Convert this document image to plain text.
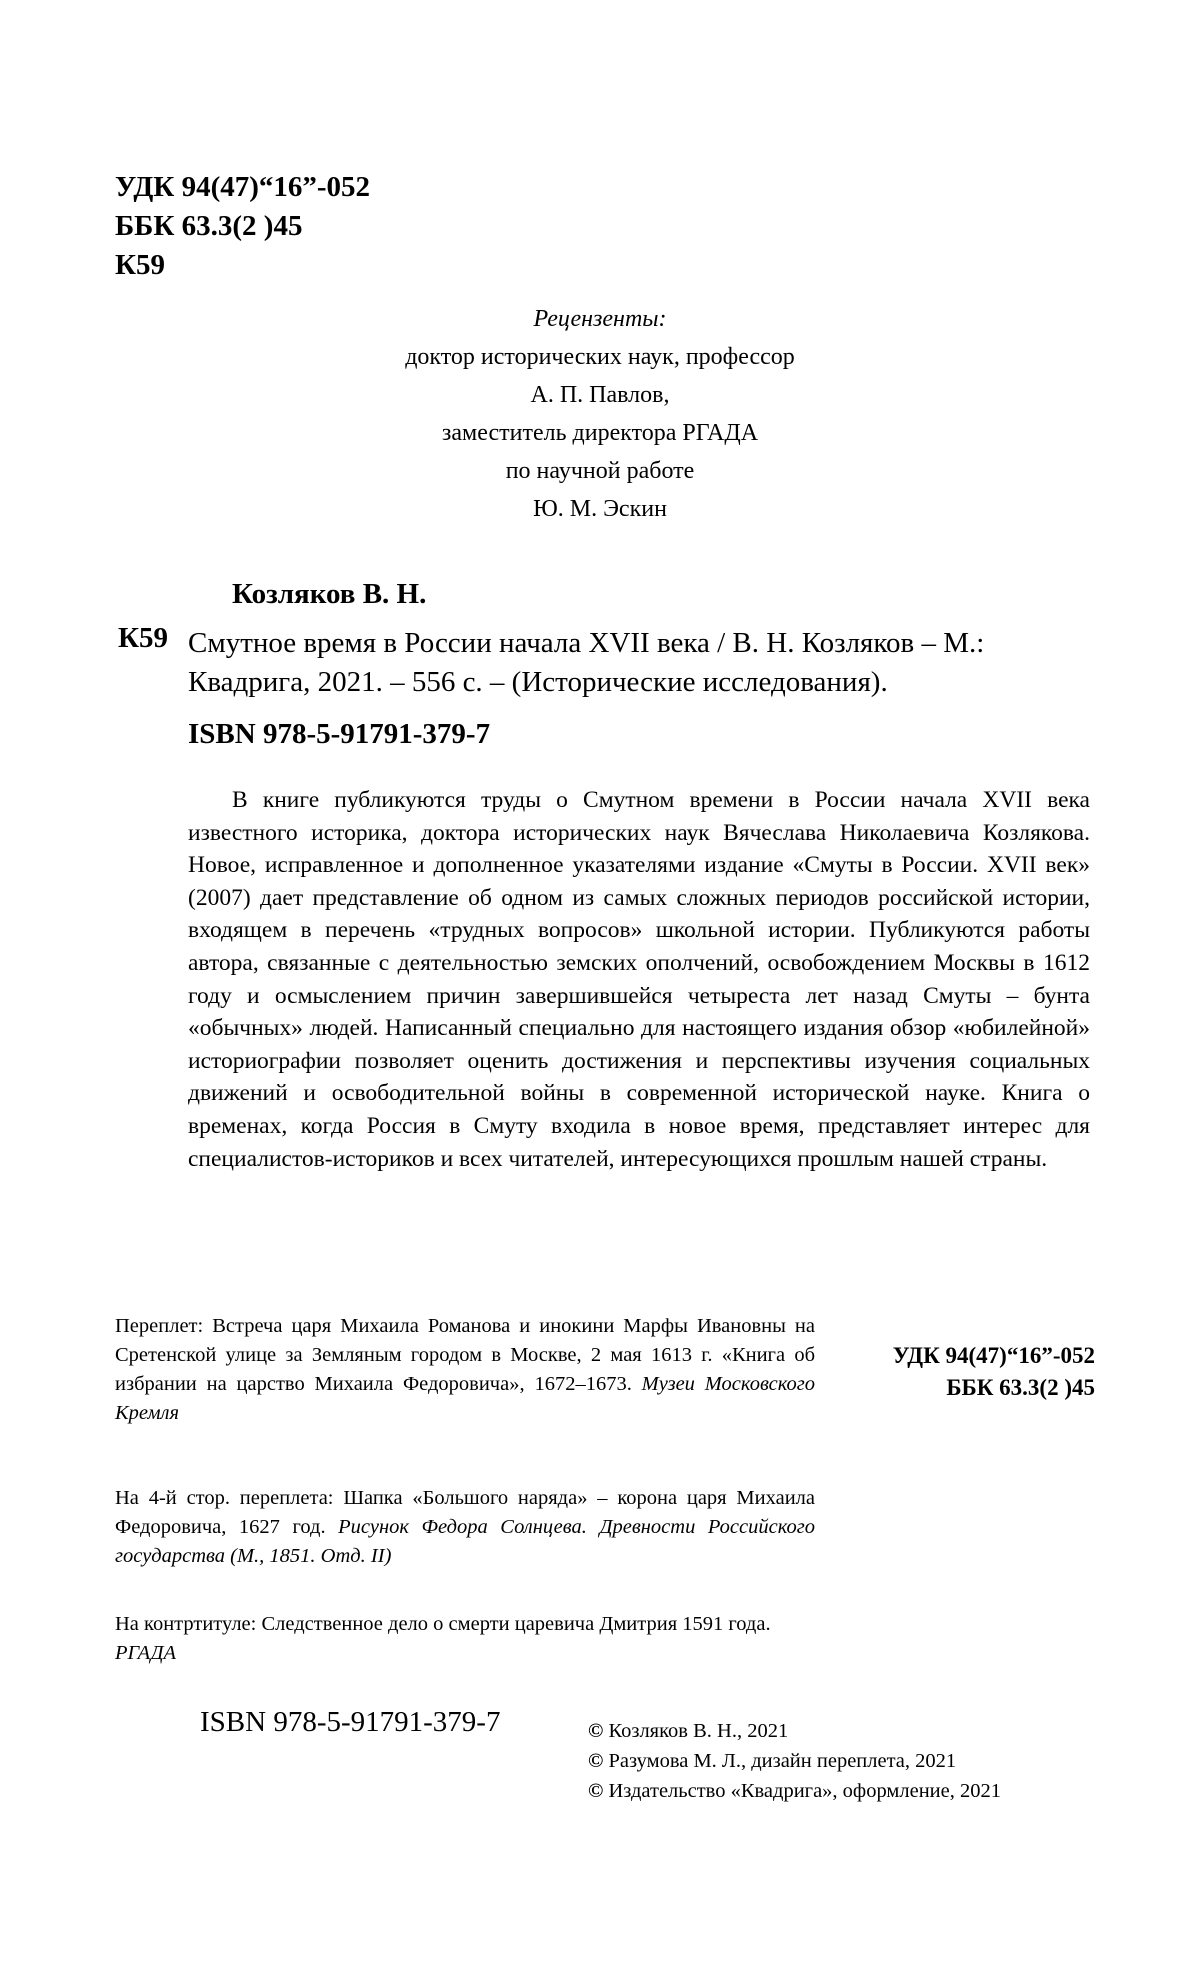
УДК 94(47)“16”-052
ББК 63.3(2 )45
К59
Рецензенты:
доктор исторических наук, профессор
А. П. Павлов,
заместитель директора РГАДА
по научной работе
Ю. М. Эскин
Козляков В. Н.
К59 Смутное время в России начала XVII века / В. Н. Козляков – М.:
Квадрига, 2021. – 556 с. – (Исторические исследования).
ISBN 978-5-91791-379-7
В книге публикуются труды о Смутном времени в России начала XVII века известного историка, доктора исторических наук Вячеслава Николаевича Козлякова. Новое, исправленное и дополненное указателями издание «Смуты в России. XVII век» (2007) дает представление об одном из самых сложных периодов российской истории, входящем в перечень «трудных вопросов» школьной истории. Публикуются работы автора, связанные с деятельностью земских ополчений, освобождением Москвы в 1612 году и осмыслением причин завершившейся четыреста лет назад Смуты – бунта «обычных» людей. Написанный специально для настоящего издания обзор «юбилейной» историографии позволяет оценить достижения и перспективы изучения социальных движений и освободительной войны в современной исторической науке. Книга о временах, когда Россия в Смуту входила в новое время, представляет интерес для специалистов-историков и всех читателей, интересующихся прошлым нашей страны.
Переплет: Встреча царя Михаила Романова и инокини Марфы Ивановны на Сретенской улице за Земляным городом в Москве, 2 мая 1613 г. «Книга об избрании на царство Михаила Федоровича», 1672–1673. Музеи Московского Кремля
УДК 94(47)“16”-052
ББК 63.3(2 )45
На 4-й стор. переплета: Шапка «Большого наряда» – корона царя Михаила Федоровича, 1627 год. Рисунок Федора Солнцева. Древности Российского государства (М., 1851. Отд. II)
На контртитуле: Следственное дело о смерти царевича Дмитрия 1591 года. РГАДА
ISBN 978-5-91791-379-7	© Козляков В. Н., 2021
© Разумова М. Л., дизайн переплета, 2021
© Издательство «Квадрига», оформление, 2021
